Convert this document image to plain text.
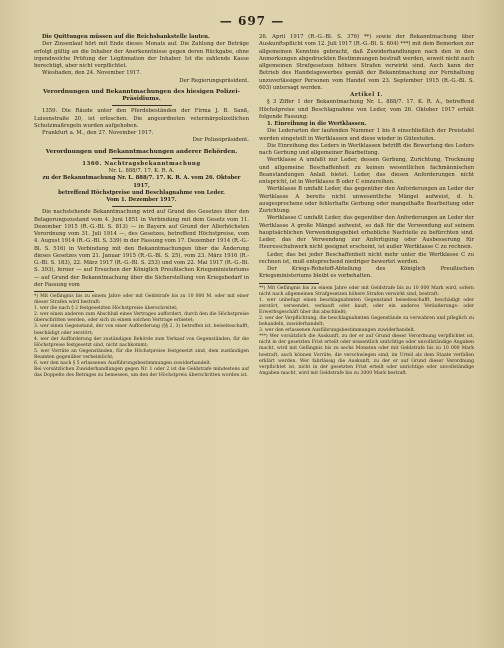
— 697 —

Die Quittungen müssen auf die Reichsbankstelle lauten.

Der Zinsenlauf hört mit Ende dieses Monats auf. Die Zahlung der Beträge erfolgt gültig an die Inhaber der Anerkenntnisse gegen deren Rückgabe, ohne irgendwelche Prüfung der Legitimation der Inhaber. Ist die zahlende Kasse berechtigt, aber nicht verpflichtet.

Wiesbaden, den 24. November 1917.

Der Regierungspräsident.

Verordnungen und Bekanntmachungen des hiesigen Polizei-Präsidiums.

1359. Die Räude unter den Pferdebeständen der Firma J. B. Sanß, Luisenstraße 20, ist erloschen. Die angeordneten veterinärpolizeilichen Schutzmaßregeln wurden aufgehoben.

Frankfurt a. M., den 27. November 1917.

Der Polizeipräsident.

Verordnungen und Bekanntmachungen anderer Behörden.

1360. Nachtragsbekanntmachung

Nr. L. 888/7. 17. K. R. A.

zu der Bekanntmachung Nr. L. 888/7. 17. K. R. A. vom 26. Oktober 1917,

betreffend Höchstpreise und Beschlagnahme von Leder.

Vom 1. Dezember 1917.

Die nachstehende Bekanntmachung wird auf Grund des Gesetzes über den Belagerungszustand vom 4. Juni 1851 in Verbindung mit dem Gesetz vom 11. Dezember 1915 (R.-G.-Bl. S. 813) — in Bayern auf Grund der Allerhöchsten Verordnung vom 31. Juli 1914 —, des Gesetzes, betreffend Höchstpreise, vom 4. August 1914 (R.-G.-Bl. S. 339) in der Fassung vom 17. Dezember 1914 (R.-G.-Bl. S. 516) in Verbindung mit den Bekanntmachungen über die Änderung dieses Gesetzes vom 21. Januar 1915 (R.-G.-Bl. S. 25), vom 23. März 1916 (R.-G.-Bl. S. 183), 22. März 1917 (R.-G.-Bl. S. 253) und vom 22. Mai 1917 (R.-G.-Bl. S. 393), ferner — auf Ersuchen der Königlich Preußischen Kriegsministeriums — auf Grund der Bekanntmachung über die Sicherstellung von Kriegsbedarf in der Fassung vom

*) Mit Gefängnis bis zu einem Jahre oder mit Geldstrafe bis zu 10 000 M. oder mit einer dieser Strafen wird bestraft:

1. wer die nach § 2 festgesetzten Höchstpreise überschreitet;

2. wer einen anderen zum Abschluß eines Vertrages auffordert, durch den die Höchstpreise überschritten werden, oder sich zu einem solchen Vertrage erbietet;

3. wer einen Gegenstand, der von einer Aufforderung (§§ 2, 3) betroffen ist, beiseiteschafft, beschädigt oder zerstört;

4. wer der Aufforderung der zuständigen Behörde zum Verkauf von Gegenständen, für die Höchstpreise festgesetzt sind, nicht nachkommt;

5. wer Vorräte an Gegenständen, für die Höchstpreise festgesetzt sind, dem zuständigen Beamten gegenüber verheimlicht;

6. wer den nach § 5 erlassenen Ausführungsbestimmungen zuwiderhandelt.

Bei vorsätzlichen Zuwiderhandlungen gegen Nr. 1 oder 2 ist die Geldstrafe mindestens auf das Doppelte des Betrages zu bemessen, um den der Höchstpreis überschritten worden ist.

26. April 1917 (R.-G.-Bl. S. 376) **) sowie der Bekanntmachung über Auskunftspflicht vom 12. Juli 1917 (R.-G.-Bl. S. 604) ***) mit dem Bemerken zur allgemeinen Kenntnis gebracht, daß Zuwiderhandlungen nach den in den Anmerkungen abgedruckten Bestimmungen bestraft werden, soweit nicht nach allgemeinen Strafgesetzen höhere Strafen verwirkt sind. Auch kann der Betrieb des Handelsgewerbes gemäß der Bekanntmachung zur Fernhaltung unzuverlässiger Personen vom Handel vom 23. September 1915 (R.-G.-Bl. S. 603) untersagt werden.

Artikel I.

§ 3 Ziffer 1 der Bekanntmachung Nr. L. 888/7. 17. K. R. A., betreffend Höchstpreise und Beschlagnahme von Leder, vom 26. Oktober 1917 erhält folgende Fassung:

1. Einreihung in die Wertklassen.

Die Lederarten der laufenden Nummer 1 bis 8 einschließlich der Preistafel werden eingeteilt in Wertklassen und diese wieder in Gütestufen.

Die Einreihung des Leders in Wertklassen betrifft die Bewertung des Leders nach Gerbung und allgemeiner Bearbeitung.

Wertklasse A umfaßt nur Leder, dessen Gerbung, Zurichtung, Trocknung und allgemeine Beschaffenheit zu keinen wesentlichen fachmännischen Beanstandungen Anlaß bietet. Leder, das diesen Anforderungen nicht entspricht, ist in Wertklasse B oder C einzureihen.

Wertklasse B umfaßt Leder, das gegenüber den Anforderungen an Leder der Wertklasse A bereits nicht unwesentliche Mängel aufweist, d. h. ausgesprochene oder fehlerhafte Gerbung oder mangelhafte Bearbeitung oder Zurichtung.

Wertklasse C umfaßt Leder, das gegenüber den Anforderungen an Leder der Wertklasse A große Mängel aufweist, so daß für die Verwendung auf seinem hauptsächlichen Verwendungsgebiet erhebliche Nachteile zu befürchten sind. Leder, das der Verwendung zur Anfertigung oder Ausbesserung für Heeresschuhwerk nicht geeignet erscheint, ist außer Wertklasse C zu rechnen.

Leder, das bei jeder Beschaffenheit nicht mehr unter die Wertklasse C zu rechnen ist, muß entsprechend niedriger bewertet werden.

Der Kriegs-Rohstoff-Abteilung des Königlich Preußischen Kriegsministeriums bleibt es vorbehalten.

**) Mit Gefängnis bis zu einem Jahre oder mit Geldstrafe bis zu 10 000 Mark wird, sofern nicht nach allgemeinen Strafgesetzen höhere Strafen verwirkt sind, bestraft:

1. wer unbefugt einen beschlagnahmten Gegenstand beiseiteschafft, beschädigt oder zerstört, verwendet, verkauft oder kauft, oder ein anderes Veräußerungs- oder Erwerbsgeschäft über ihn abschließt;

2. wer der Verpflichtung, die beschlagnahmten Gegenstände zu verwahren und pfleglich zu behandeln, zuwiderhandelt;

3. wer den erlassenen Ausführungsbestimmungen zuwiderhandelt.

***) Wer vorsätzlich die Auskunft, zu der er auf Grund dieser Verordnung verpflichtet ist, nicht in der gesetzten Frist erteilt oder wissentlich unrichtige oder unvollständige Angaben macht, wird mit Gefängnis bis zu sechs Monaten oder mit Geldstrafe bis zu 10 000 Mark bestraft, auch können Vorräte, die verschwiegen sind, im Urteil als dem Staate verfallen erklärt werden. Wer fahrlässig die Auskunft, zu der er auf Grund dieser Verordnung verpflichtet ist, nicht in der gesetzten Frist erteilt oder unrichtige oder unvollständige Angaben macht, wird mit Geldstrafe bis zu 3000 Mark bestraft.
